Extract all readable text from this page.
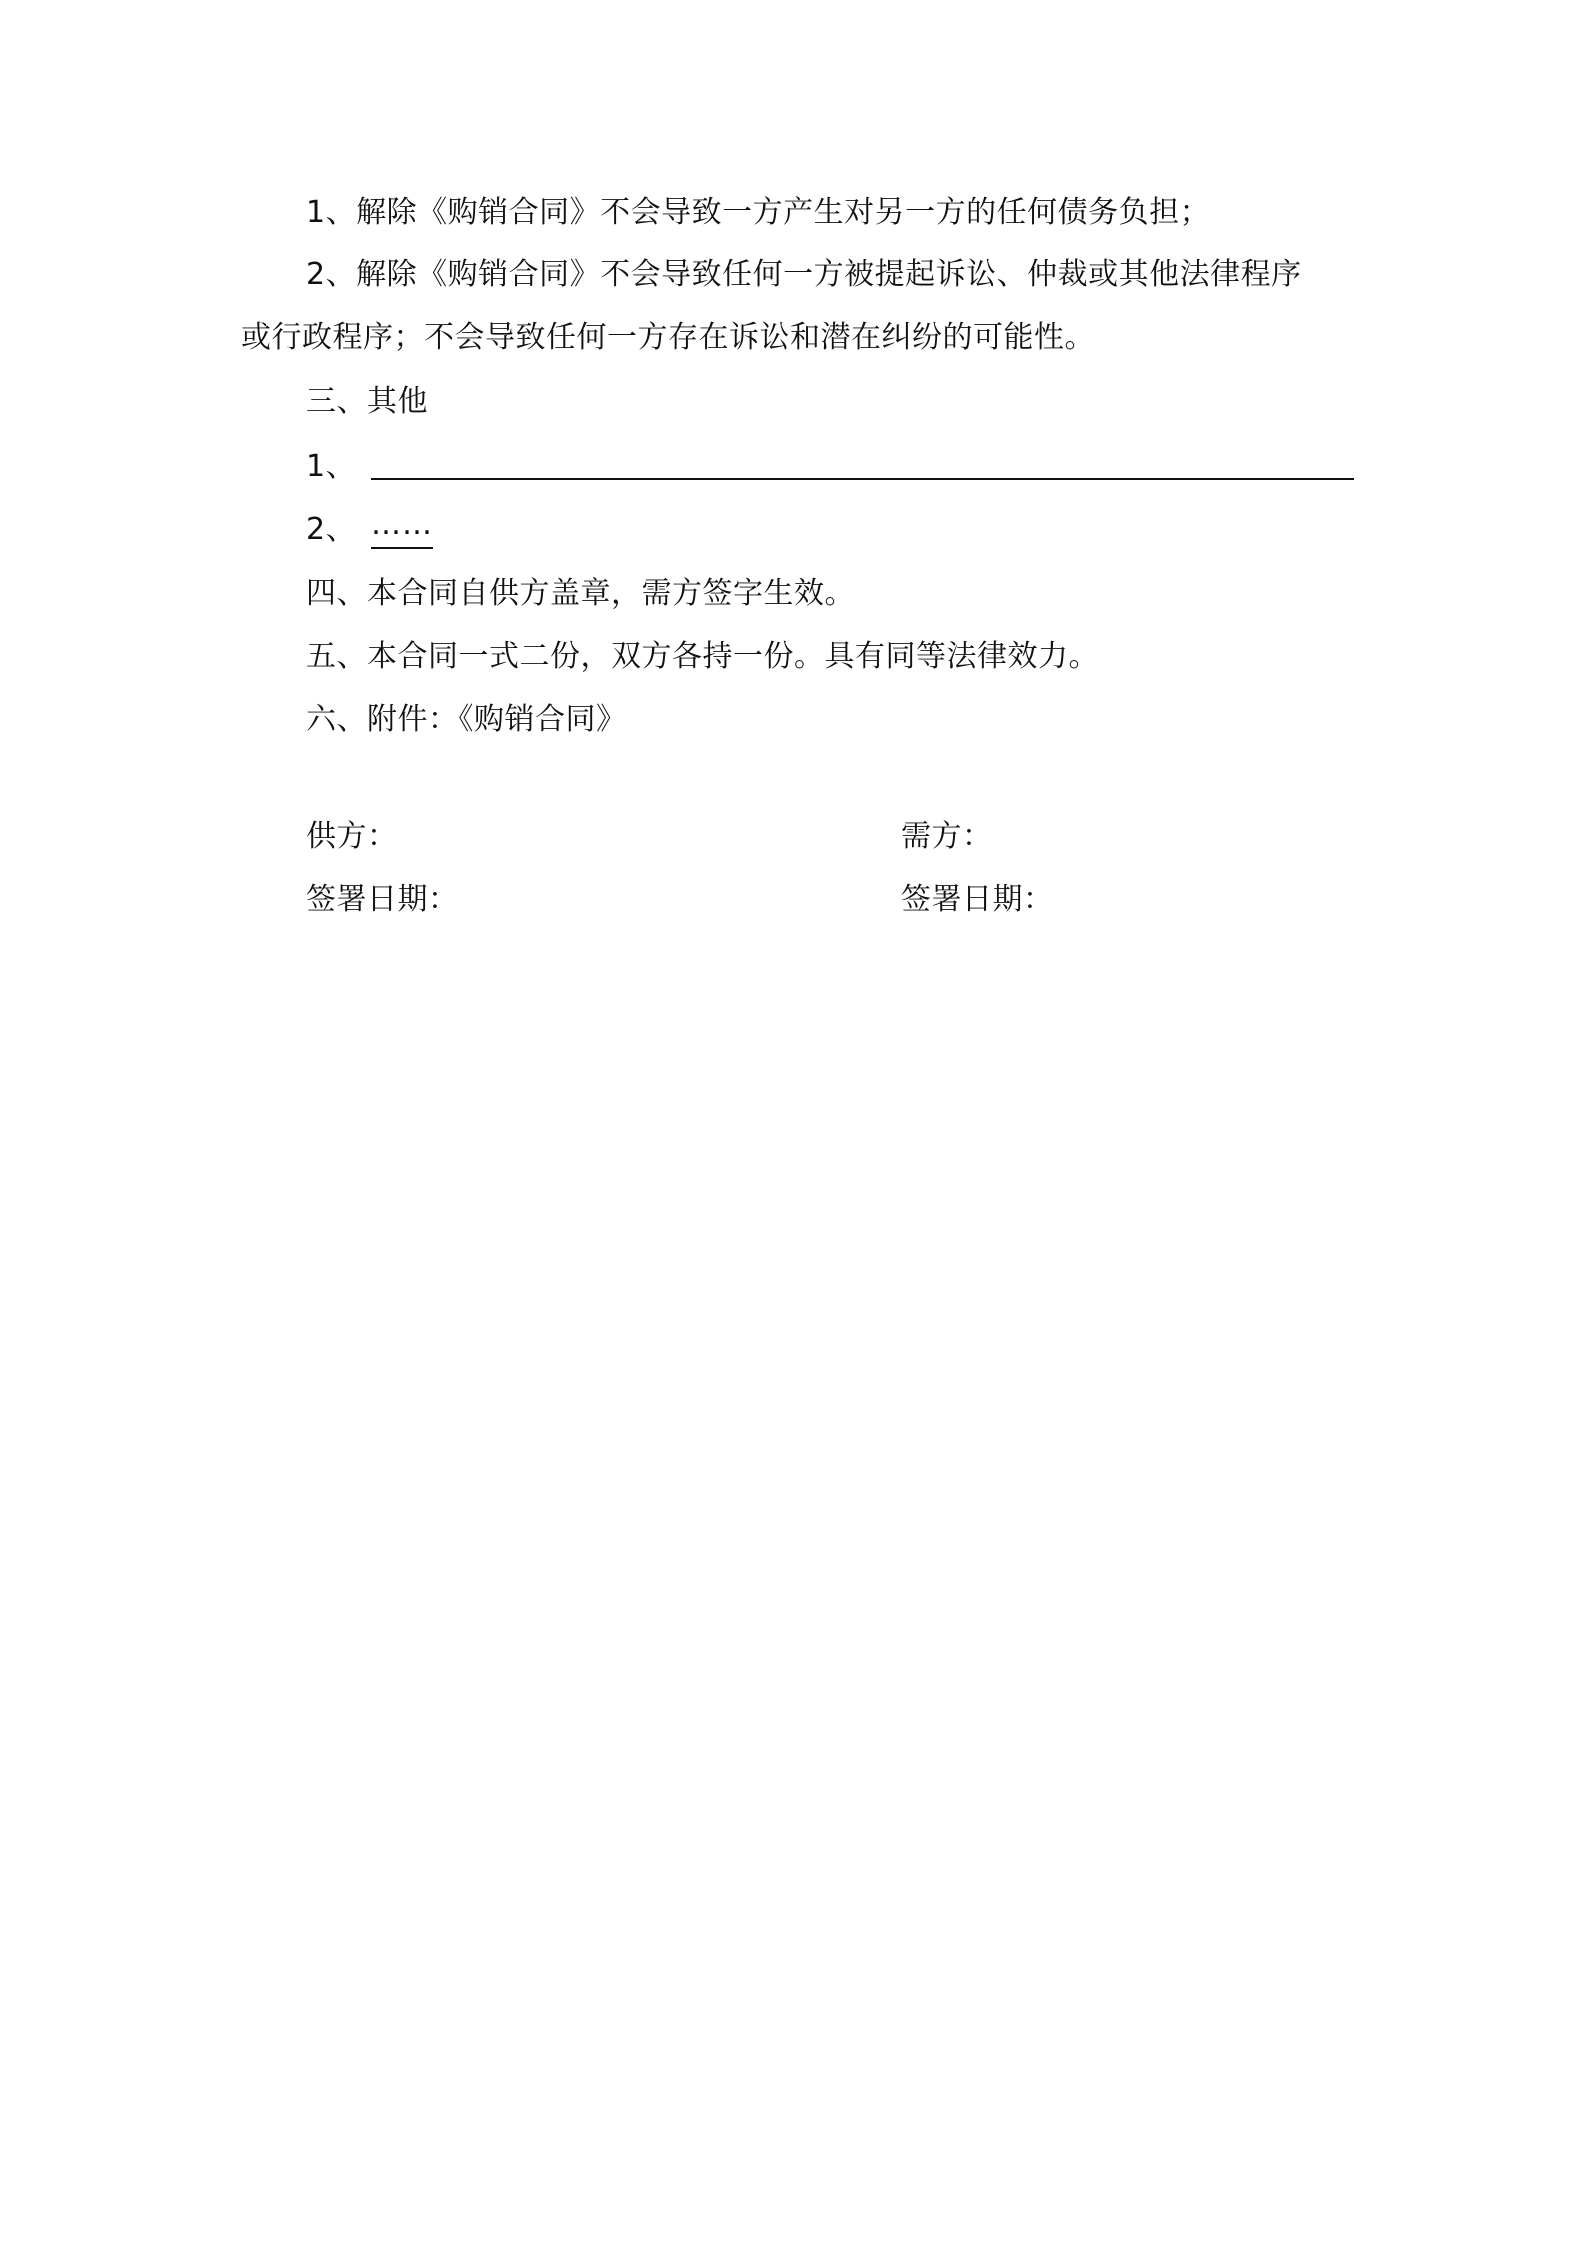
1、解除《购销合同》不会导致一方产生对另一方的任何债务负担；
2、解除《购销合同》不会导致任何一方被提起诉讼、仲裁或其他法律程序
或行政程序；不会导致任何一方存在诉讼和潜在纠纷的可能性。
三、其他
1、
2、 ……
四、本合同自供方盖章，需方签字生效。
五、本合同一式二份，双方各持一份。具有同等法律效力。
六、附件：《购销合同》
供方：	需方：
签署日期：	签署日期：
